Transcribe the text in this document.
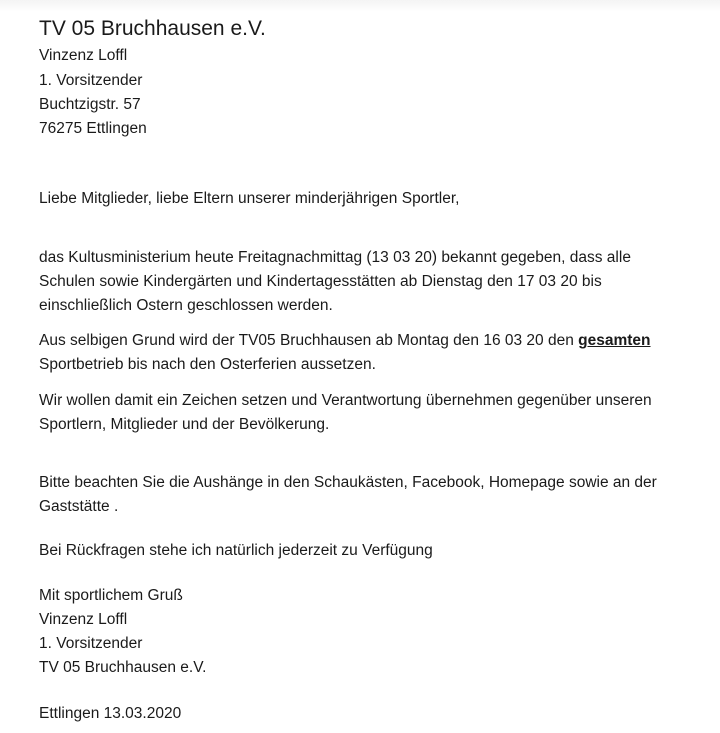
TV 05 Bruchhausen e.V.
Vinzenz Loffl
1. Vorsitzender
Buchtzigstr. 57
76275 Ettlingen
Liebe Mitglieder, liebe Eltern unserer minderjährigen Sportler,
das Kultusministerium heute Freitagnachmittag (13 03 20) bekannt gegeben, dass alle
Schulen sowie Kindergärten und Kindertagesstätten ab Dienstag den 17 03 20 bis
einschließlich Ostern geschlossen werden.
Aus selbigen Grund wird der TV05 Bruchhausen ab Montag den 16 03 20 den gesamten
Sportbetrieb bis nach den Osterferien aussetzen.
Wir wollen damit ein Zeichen setzen und Verantwortung übernehmen gegenüber unseren
Sportlern, Mitglieder und der Bevölkerung.
Bitte beachten Sie die Aushänge in den Schaukästen, Facebook, Homepage sowie an der
Gaststätte .
Bei Rückfragen stehe ich natürlich jederzeit zu Verfügung
Mit sportlichem Gruß
Vinzenz Loffl
1. Vorsitzender
TV 05 Bruchhausen e.V.
Ettlingen 13.03.2020
